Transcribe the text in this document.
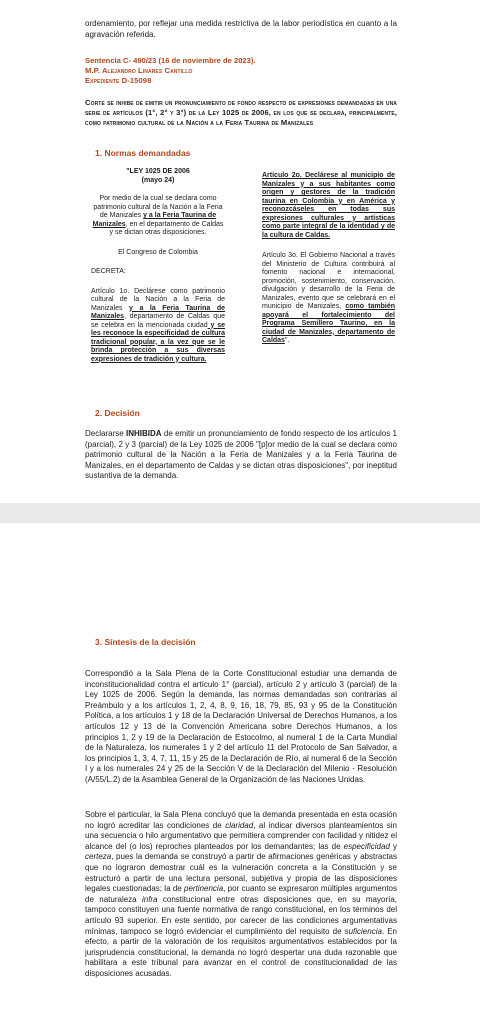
ordenamiento, por reflejar una medida restrictiva de la labor periodística en cuanto a la agravación referida.
Sentencia C- 490/23 (16 de noviembre de 2023).
M.P. Alejandro Linares Cantillo
Expediente D-15098
Corte se inhibe de emitir un pronunciamiento de fondo respecto de expresiones demandadas en una serie de artículos (1°, 2° y 3°) de la Ley 1025 de 2006, en los que se declara, principalmente, como patrimonio cultural de la Nación a la Feria Taurina de Manizales
1. Normas demandadas
"LEY 1025 DE 2006
(mayo 24)
Por medio de la cual se declara como patrimonio cultural de la Nación a la Feria de Manizales y a la Feria Taurina de Manizales, en el departamento de Caldas y se dictan otras disposiciones.
El Congreso de Colombia
DECRETA:
Artículo 1o. Declárese como patrimonio cultural de la Nación a la Feria de Manizales y a la Feria Taurina de Manizales, departamento de Caldas que se celebra en la mencionada ciudad y se les reconoce la especificidad de cultura tradicional popular, a la vez que se le brinda protección a sus diversas expresiones de tradición y cultura.
Artículo 2o. Declárese al municipio de Manizales y a sus habitantes como origen y gestores de la tradición taurina en Colombia y en América y reconozcáseles en todas sus expresiones culturales y artísticas como parte integral de la identidad y de la cultura de Caldas.
Artículo 3o. El Gobierno Nacional a través del Ministerio de Cultura contribuirá al fomento nacional e internacional, promoción, sostenimiento, conservación, divulgación y desarrollo de la Feria de Manizales, evento que se celebrará en el municipio de Manizales, como también apoyará el fortalecimiento del Programa Semillero Taurino, en la ciudad de Manizales, departamento de Caldas".
2. Decisión
Declararse INHIBIDA de emitir un pronunciamiento de fondo respecto de los artículos 1 (parcial), 2 y 3 (parcial) de la Ley 1025 de 2006 "[p]or medio de la cual se declara como patrimonio cultural de la Nación a la Feria de Manizales y a la Feria Taurina de Manizales, en el departamento de Caldas y se dictan otras disposiciones", por ineptitud sustantiva de la demanda.
3. Síntesis de la decisión
Correspondió a la Sala Plena de la Corte Constitucional estudiar una demanda de inconstitucionalidad contra el artículo 1° (parcial), artículo 2 y artículo 3 (parcial) de la Ley 1025 de 2006. Según la demanda, las normas demandadas son contrarias al Preámbulo y a los artículos 1, 2, 4, 8, 9, 16, 18, 79, 85, 93 y 95 de la Constitución Política, a los artículos 1 y 18 de la Declaración Universal de Derechos Humanos, a los artículos 12 y 13 de la Convención Americana sobre Derechos Humanos, a los principios 1, 2 y 19 de la Declaración de Estocolmo, al numeral 1 de la Carta Mundial de la Naturaleza, los numerales 1 y 2 del artículo 11 del Protocolo de San Salvador, a los principios 1, 3, 4, 7, 11, 15 y 25 de la Declaración de Río, al numeral 6 de la Sección I y a los numerales 24 y 25 de la Sección V de la Declaración del Milenio - Resolución (A/55/L.2) de la Asamblea General de la Organización de las Naciones Unidas.
Sobre el particular, la Sala Plena concluyó que la demanda presentada en esta ocasión no logró acreditar las condiciones de claridad, al indicar diversos planteamientos sin una secuencia o hilo argumentativo que permitiera comprender con facilidad y nitidez el alcance del (o los) reproches planteados por los demandantes; las de especificidad y certeza, pues la demanda se construyó a partir de afirmaciones genéricas y abstractas que no lograron demostrar cuál es la vulneración concreta a la Constitución y se estructuró a partir de una lectura personal, subjetiva y propia de las disposiciones legales cuestionadas; la de pertinencia, por cuanto se expresaron múltiples argumentos de naturaleza infra constitucional entre otras disposiciones que, en su mayoría, tampoco constituyen una fuente normativa de rango constitucional, en los términos del artículo 93 superior. En este sentido, por carecer de las condiciones argumentativas mínimas, tampoco se logró evidenciar el cumplimiento del requisito de suficiencia. En efecto, a partir de la valoración de los requisitos argumentativos establecidos por la jurisprudencia constitucional, la demanda no logró despertar una duda razonable que habilitara a este tribunal para avanzar en el control de constitucionalidad de las disposiciones acusadas.
